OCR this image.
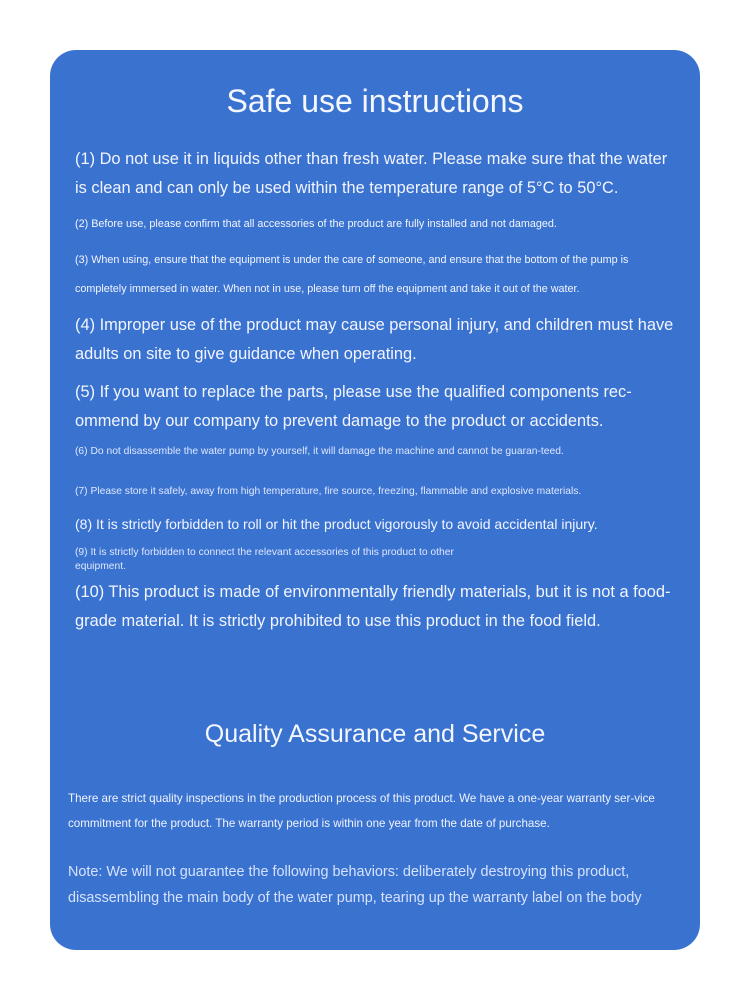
Safe use instructions

(1) Do not use it in liquids other than fresh water. Please make sure that the water is clean and can only be used within the temperature range of 5°C to 50°C.

(2) Before use, please confirm that all accessories of the product are fully installed and not damaged.

(3) When using, ensure that the equipment is under the care of someone, and ensure that the bottom of the pump is completely immersed in water. When not in use, please turn off the equipment and take it out of the water.

(4) Improper use of the product may cause personal injury, and children must have adults on site to give guidance when operating.

(5) If you want to replace the parts, please use the qualified components rec-ommend by our company to prevent damage to the product or accidents.

(6) Do not disassemble the water pump by yourself, it will damage the machine and cannot be guaran-teed.

(7) Please store it safely, away from high temperature, fire source, freezing, flammable and explosive materials.

(8) It is strictly forbidden to roll or hit the product vigorously to avoid accidental injury.

(9) It is strictly forbidden to connect the relevant accessories of this product to other equipment.

(10) This product is made of environmentally friendly materials, but it is not a food-grade material. It is strictly prohibited to use this product in the food field.

Quality Assurance and Service

There are strict quality inspections in the production process of this product. We have a one-year warranty ser-vice commitment for the product. The warranty period is within one year from the date of purchase.

Note: We will not guarantee the following behaviors: deliberately destroying this product, disassembling the main body of the water pump, tearing up the warranty label on the body
